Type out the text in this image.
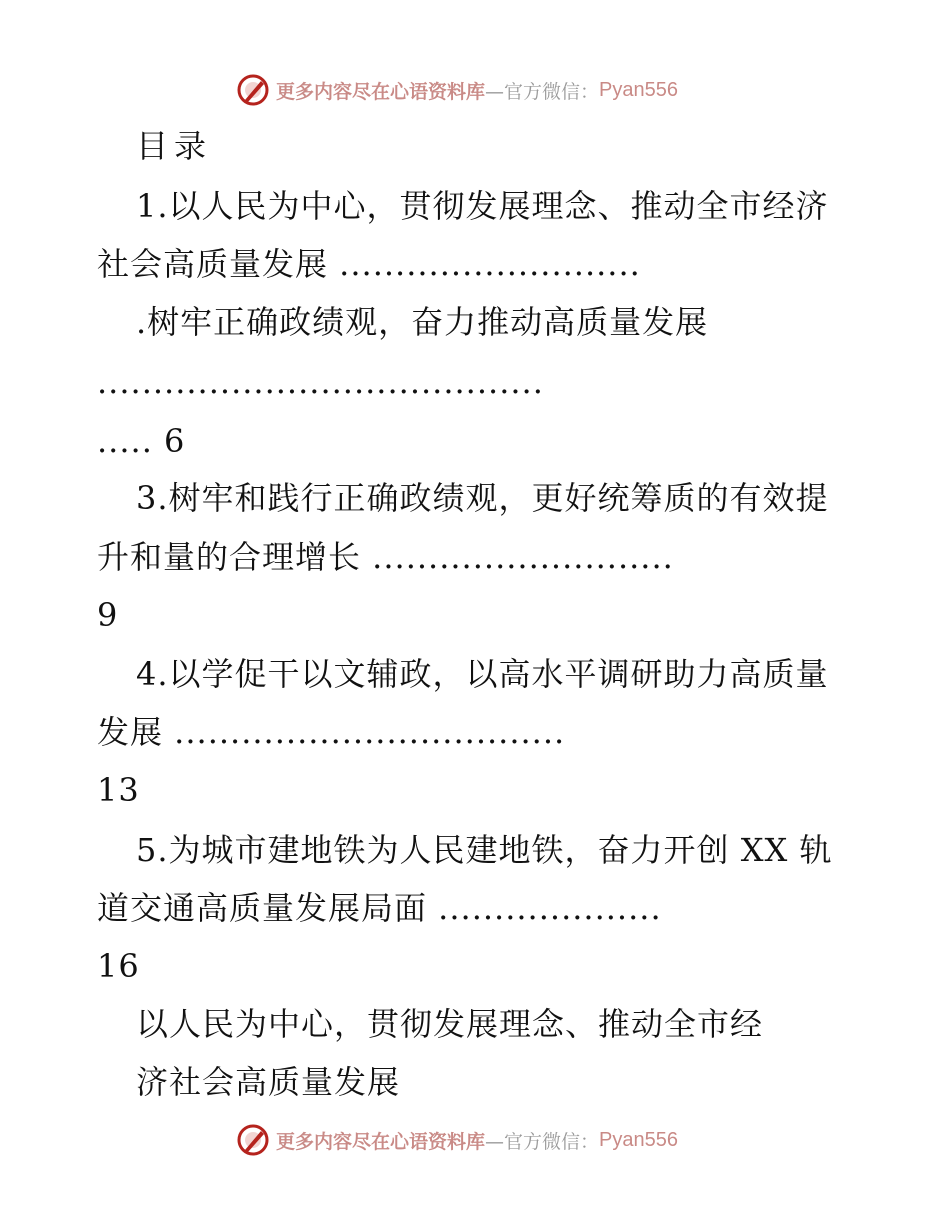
更多内容尽在心语资料库 —官方微信： Pyan556
目录
1.以人民为中心，贯彻发展理念、推动全市经济
社会高质量发展 ...........................
.树牢正确政绩观，奋力推动高质量发展
........................................
..... 6
3.树牢和践行正确政绩观，更好统筹质的有效提
升和量的合理增长 ...........................
9
4.以学促干以文辅政，以高水平调研助力高质量
发展 ...................................
13
5.为城市建地铁为人民建地铁，奋力开创 XX 轨
道交通高质量发展局面 ....................
16
以人民为中心，贯彻发展理念、推动全市经
济社会高质量发展
更多内容尽在心语资料库 —官方微信： Pyan556
